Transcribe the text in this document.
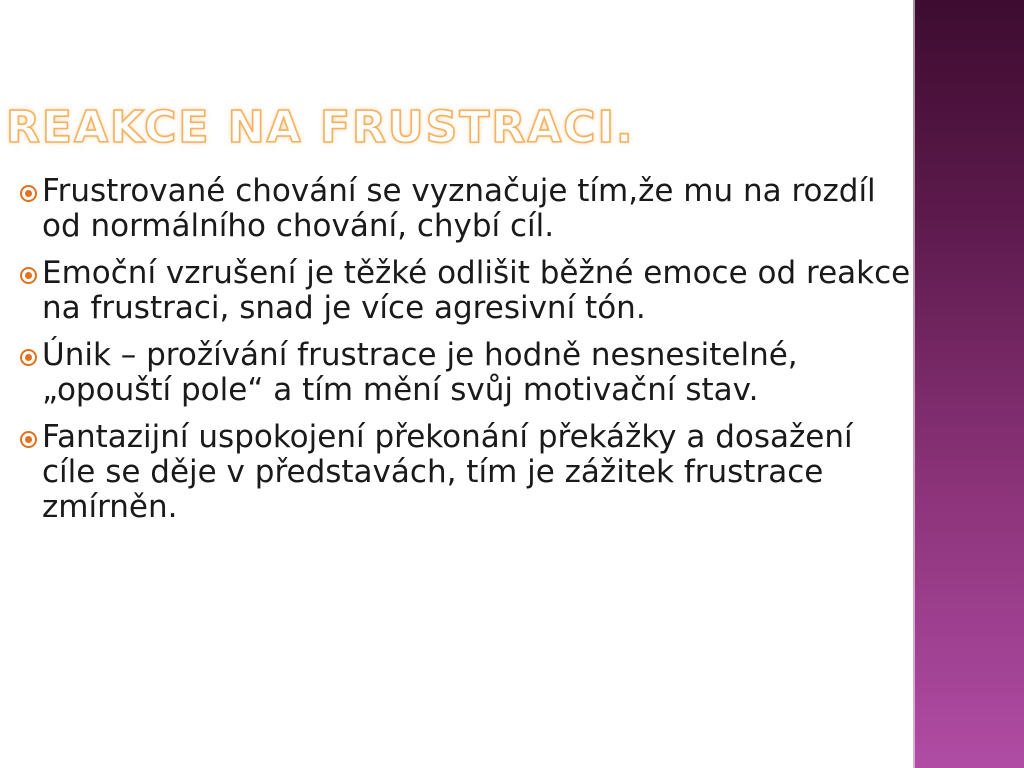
REAKCE NA FRUSTRACI.
Frustrované chování se vyznačuje tím,že mu na rozdíl od normálního chování, chybí cíl.
Emoční vzrušení je těžké odlišit běžné emoce od reakce na frustraci, snad je více agresivní tón.
Únik – prožívání frustrace je hodně nesnesitelné, „opouští pole“ a tím mění svůj motivační stav.
Fantazijní uspokojení překonání překážky a dosažení cíle se děje v představách, tím je zážitek frustrace zmírněn.
